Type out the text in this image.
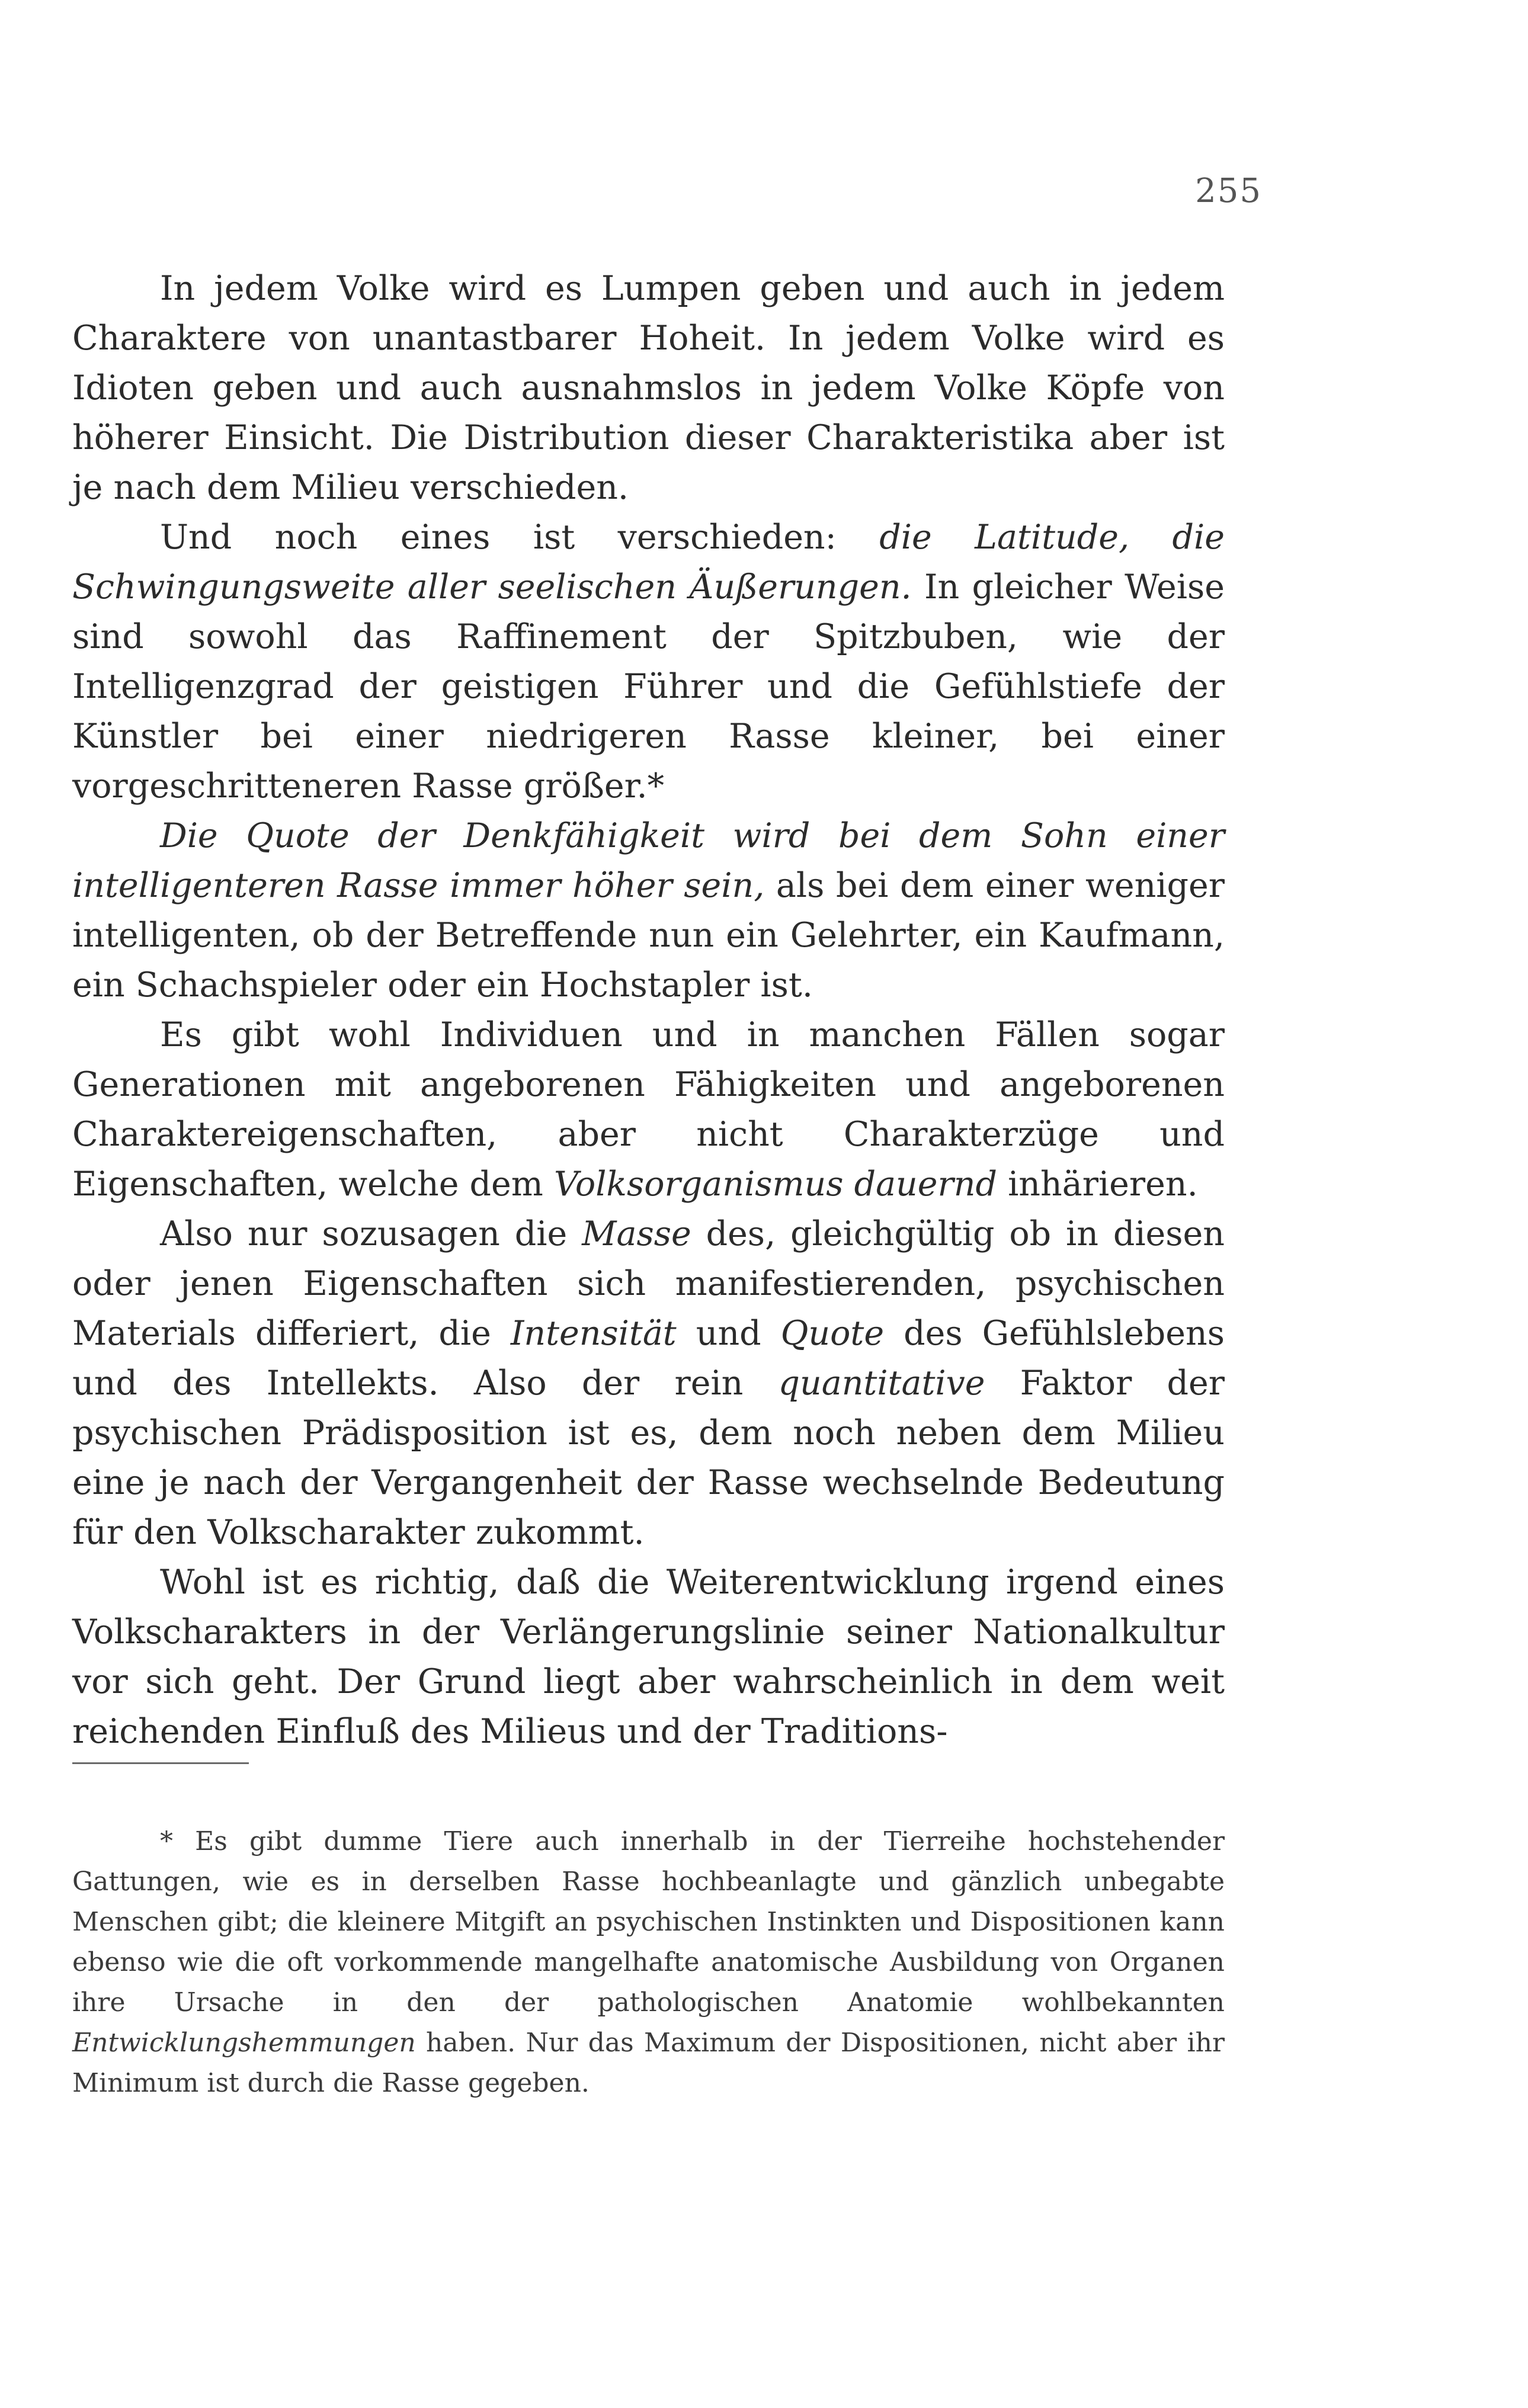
255

In jedem Volke wird es Lumpen geben und auch in jedem Charaktere von unantastbarer Hoheit. In jedem Volke wird es Idioten geben und auch ausnahmslos in jedem Volke Köpfe von höherer Einsicht. Die Distribution dieser Charakteristika aber ist je nach dem Milieu verschieden.

Und noch eines ist verschieden: die Latitude, die Schwingungsweite aller seelischen Äußerungen. In gleicher Weise sind sowohl das Raffinement der Spitzbuben, wie der Intelligenzgrad der geistigen Führer und die Gefühlstiefe der Künstler bei einer niedrigeren Rasse kleiner, bei einer vorgeschritteneren Rasse größer.*

Die Quote der Denkfähigkeit wird bei dem Sohn einer intelligenteren Rasse immer höher sein, als bei dem einer weniger intelligenten, ob der Betreffende nun ein Gelehrter, ein Kaufmann, ein Schachspieler oder ein Hochstapler ist.

Es gibt wohl Individuen und in manchen Fällen sogar Generationen mit angeborenen Fähigkeiten und angeborenen Charaktereigenschaften, aber nicht Charakterzüge und Eigenschaften, welche dem Volksorganismus dauernd inhärieren.

Also nur sozusagen die Masse des, gleichgültig ob in diesen oder jenen Eigenschaften sich manifestierenden, psychischen Materials differiert, die Intensität und Quote des Gefühlslebens und des Intellekts. Also der rein quantitative Faktor der psychischen Prädisposition ist es, dem noch neben dem Milieu eine je nach der Vergangenheit der Rasse wechselnde Bedeutung für den Volkscharakter zukommt.

Wohl ist es richtig, daß die Weiterentwicklung irgend eines Volkscharakters in der Verlängerungslinie seiner Nationalkultur vor sich geht. Der Grund liegt aber wahrscheinlich in dem weit reichenden Einfluß des Milieus und der Traditions-

* Es gibt dumme Tiere auch innerhalb in der Tierreihe hochstehender Gattungen, wie es in derselben Rasse hochbeanlagte und gänzlich unbegabte Menschen gibt; die kleinere Mitgift an psychischen Instinkten und Dispositionen kann ebenso wie die oft vorkommende mangelhafte anatomische Ausbildung von Organen ihre Ursache in den der pathologischen Anatomie wohlbekannten Entwicklungshemmungen haben. Nur das Maximum der Dispositionen, nicht aber ihr Minimum ist durch die Rasse gegeben.
